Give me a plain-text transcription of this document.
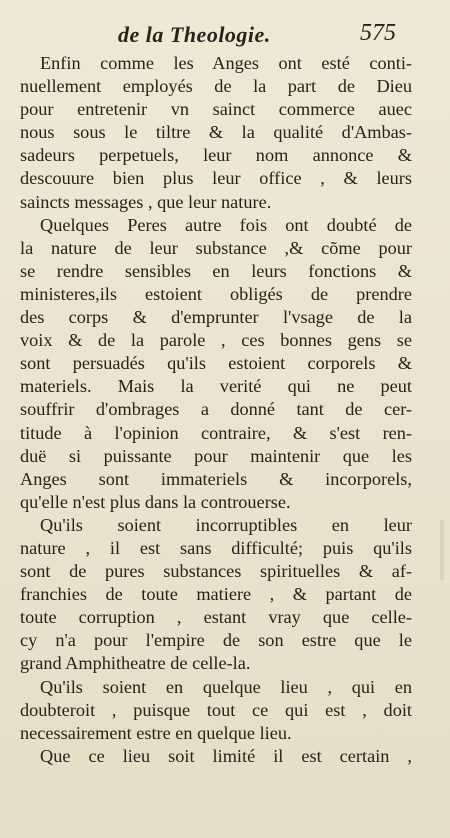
de la Theologie.	575
Enfin comme les Anges ont esté conti-
nuellement employés de la part de Dieu
pour entretenir vn sainct commerce auec
nous sous le tiltre & la qualité d'Ambas-
sadeurs perpetuels, leur nom annonce &
descouure bien plus leur office , & leurs
saincts messages , que leur nature.
Quelques Peres autre fois ont doubté de
la nature de leur substance ,& cõme pour
se rendre sensibles en leurs fonctions &
ministeres,ils estoient obligés de prendre
des corps & d'emprunter l'vsage de la
voix & de la parole , ces bonnes gens se
sont persuadés qu'ils estoient corporels &
materiels. Mais la verité qui ne peut
souffrir d'ombrages a donné tant de cer-
titude à l'opinion contraire, & s'est ren-
duë si puissante pour maintenir que les
Anges sont immateriels & incorporels,
qu'elle n'est plus dans la controuerse.
Qu'ils soient incorruptibles en leur
nature , il est sans difficulté; puis qu'ils
sont de pures substances spirituelles & af-
franchies de toute matiere , & partant de
toute corruption , estant vray que celle-
cy n'a pour l'empire de son estre que le
grand Amphitheatre de celle-la.
Qu'ils soient en quelque lieu , qui en
doubteroit , puisque tout ce qui est , doit
necessairement estre en quelque lieu.
Que ce lieu soit limité il est certain ,
